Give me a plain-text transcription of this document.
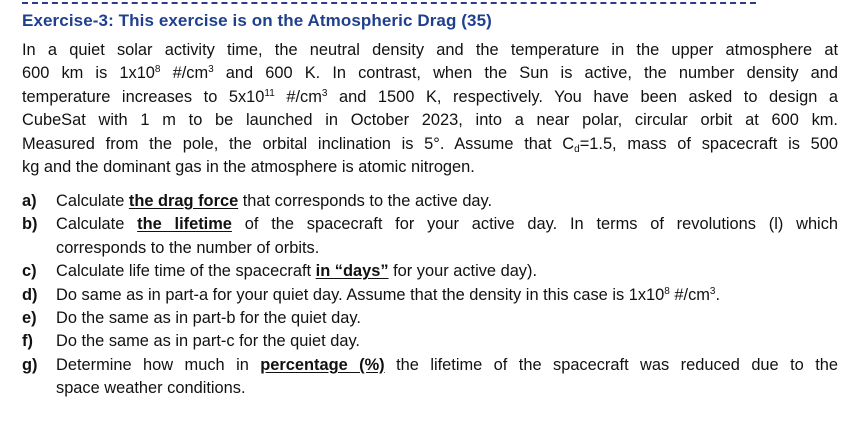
Exercise-3: This exercise is on the Atmospheric Drag (35)
In a quiet solar activity time, the neutral density and the temperature in the upper atmosphere at
600 km is $1x10^8$ $\#/cm^3$ and 600 K. In contrast, when the Sun is active, the number density and
temperature increases to $5x10^{11}$ $\#/cm^3$ and 1500 K, respectively. You have been asked to design a
CubeSat with 1 m to be launched in October 2023, into a near polar, circular orbit at 600 km.
Measured from the pole, the orbital inclination is 5°. Assume that $C_d=1.5$, mass of spacecraft is 500
kg and the dominant gas in the atmosphere is atomic nitrogen.
a) Calculate the drag force that corresponds to the active day.
b) Calculate the lifetime of the spacecraft for your active day. In terms of revolutions (l) which
corresponds to the number of orbits.
c) Calculate life time of the spacecraft in “days” for your active day).
d) Do same as in part-a for your quiet day. Assume that the density in this case is $1x10^8$ $\#/cm^3$.
e) Do the same as in part-b for the quiet day.
f) Do the same as in part-c for the quiet day.
g) Determine how much in percentage (%) the lifetime of the spacecraft was reduced due to the
space weather conditions.
